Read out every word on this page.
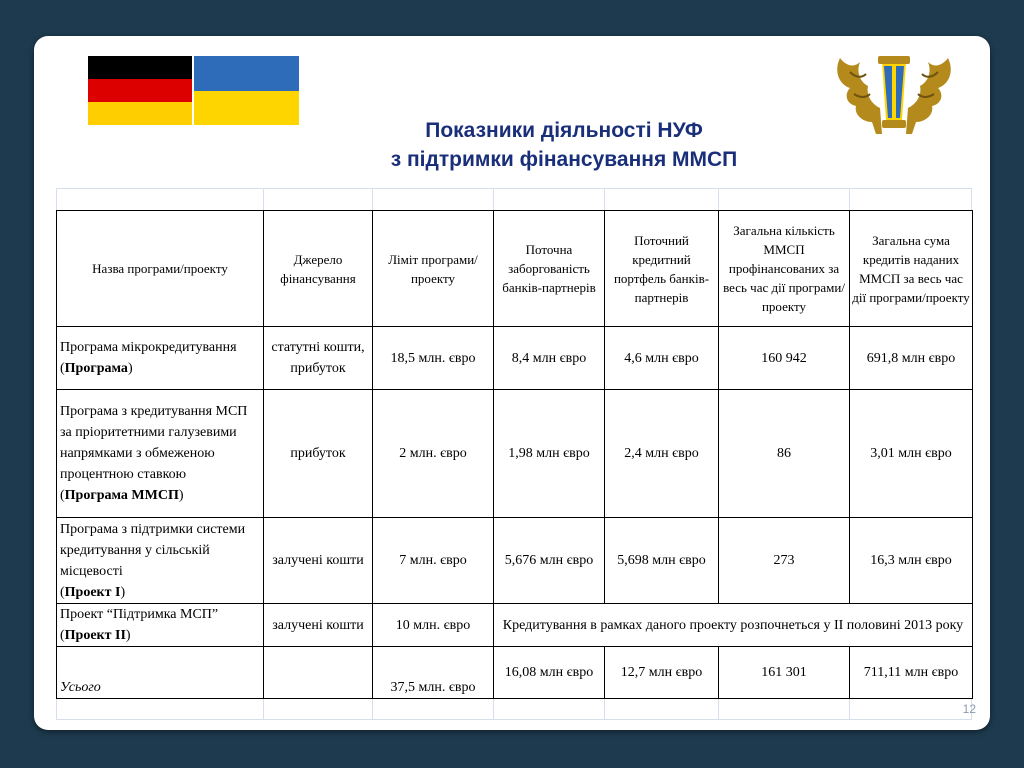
Показники діяльності НУФ
з підтримки фінансування ММСП
Назва програми/проекту	Джерело фінансування	Ліміт програми/проекту	Поточна заборгованість банків-партнерів	Поточний кредитний портфель банків-партнерів	Загальна кількість ММСП профінансованих за весь час дії програми/проекту	Загальна сума кредитів наданих ММСП за весь час дії програми/проекту
Програма мікрокредитування
(Програма)	статутні кошти, прибуток	18,5 млн. євро	8,4 млн євро	4,6 млн євро	160 942	691,8 млн євро
Програма з кредитування МСП за пріоритетними галузевими напрямками з обмеженою процентною ставкою
(Програма ММСП)	прибуток	2 млн. євро	1,98 млн євро	2,4 млн євро	86	3,01 млн євро
Програма з підтримки системи кредитування у сільській місцевості
(Проект І)	залучені кошти	7 млн. євро	5,676 млн євро	5,698 млн євро	273	16,3 млн євро
Проект “Підтримка МСП”
(Проект ІІ)	залучені кошти	10 млн. євро	Кредитування в рамках даного проекту розпочнеться у ІІ половині 2013 року			
Усього		37,5 млн. євро	16,08 млн євро	12,7 млн євро	161 301	711,11 млн євро
12
